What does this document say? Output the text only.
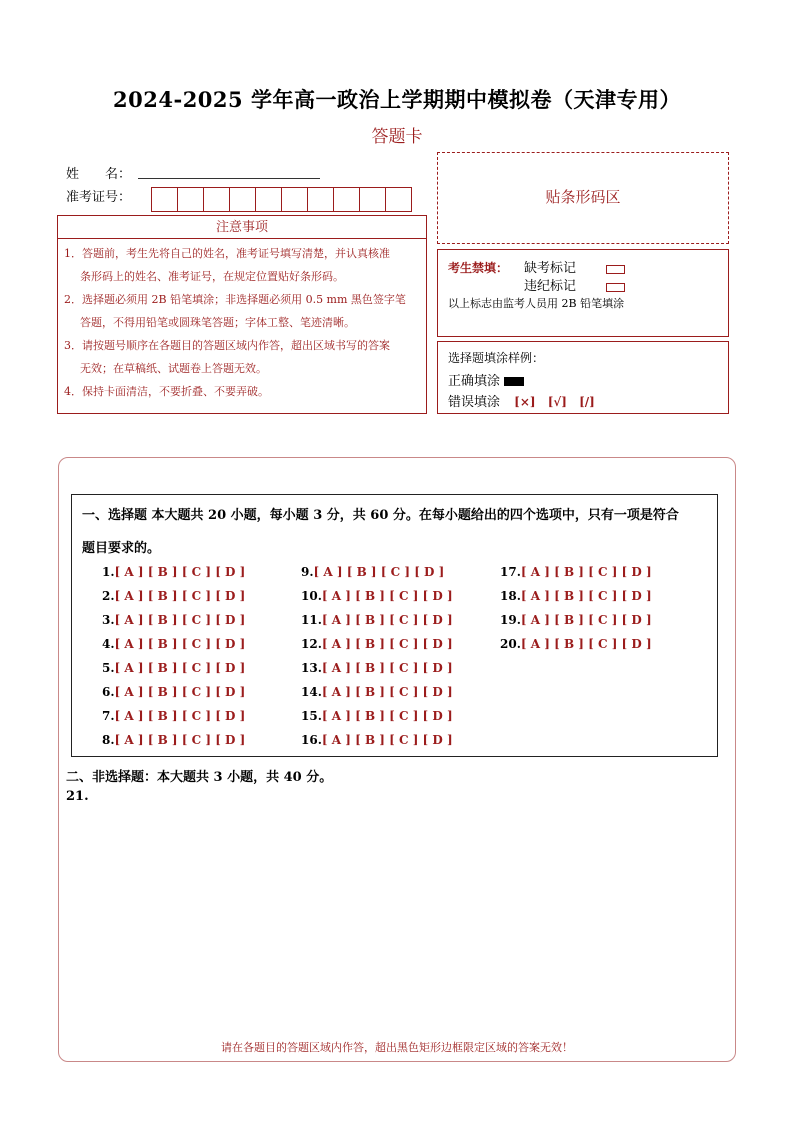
2024-2025 学年高一政治上学期期中模拟卷（天津专用）
答题卡
姓　　名：
准考证号：
注意事项
1．答题前，考生先将自己的姓名，准考证号填写清楚，并认真核准
条形码上的姓名、准考证号，在规定位置贴好条形码。
2．选择题必须用 2B 铅笔填涂；非选择题必须用 0.5 mm 黑色签字笔
答题，不得用铅笔或圆珠笔答题；字体工整、笔迹清晰。
3．请按题号顺序在各题目的答题区域内作答，超出区域书写的答案
无效；在草稿纸、试题卷上答题无效。
4．保持卡面清洁，不要折叠、不要弄破。
贴条形码区
考生禁填： 缺考标记
违纪标记
以上标志由监考人员用 2B 铅笔填涂
选择题填涂样例：
正确填涂
错误填涂 [×] [√] [/]
一、选择题 本大题共 20 小题，每小题 3 分，共 60 分。在每小题给出的四个选项中，只有一项是符合
题目要求的。
1.[ A ] [ B ] [ C ] [ D ]
2.[ A ] [ B ] [ C ] [ D ]
3.[ A ] [ B ] [ C ] [ D ]
4.[ A ] [ B ] [ C ] [ D ]
5.[ A ] [ B ] [ C ] [ D ]
6.[ A ] [ B ] [ C ] [ D ]
7.[ A ] [ B ] [ C ] [ D ]
8.[ A ] [ B ] [ C ] [ D ]
9.[ A ] [ B ] [ C ] [ D ]
10.[ A ] [ B ] [ C ] [ D ]
11.[ A ] [ B ] [ C ] [ D ]
12.[ A ] [ B ] [ C ] [ D ]
13.[ A ] [ B ] [ C ] [ D ]
14.[ A ] [ B ] [ C ] [ D ]
15.[ A ] [ B ] [ C ] [ D ]
16.[ A ] [ B ] [ C ] [ D ]
17.[ A ] [ B ] [ C ] [ D ]
18.[ A ] [ B ] [ C ] [ D ]
19.[ A ] [ B ] [ C ] [ D ]
20.[ A ] [ B ] [ C ] [ D ]
二、非选择题：本大题共 3 小题，共 40 分。
21.
请在各题目的答题区域内作答，超出黑色矩形边框限定区域的答案无效！
